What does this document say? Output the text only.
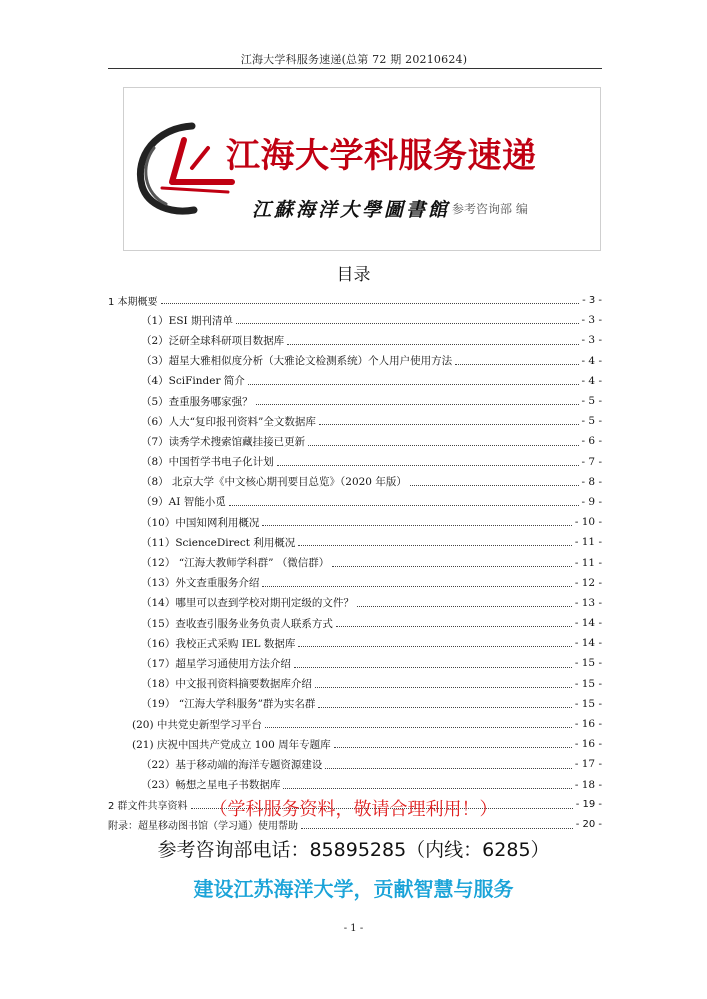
江海大学科服务速递(总第 72 期 20210624)
江海大学科服务速递
江蘇海洋大學圖書館 参考咨询部 编
目录
1 本期概要	- 3 -
（1）ESI 期刊清单	- 3 -
（2）泛研全球科研项目数据库	- 3 -
（3）超星大雅相似度分析（大雅论文检测系统）个人用户使用方法	- 4 -
（4）SciFinder 简介	- 4 -
（5）查重服务哪家强？	- 5 -
（6）人大“复印报刊资料”全文数据库	- 5 -
（7）读秀学术搜索馆藏挂接已更新	- 6 -
（8）中国哲学书电子化计划	- 7 -
（8） 北京大学《中文核心期刊要目总览》（2020 年版）	- 8 -
（9）AI 智能小觅	- 9 -
（10）中国知网利用概况	- 10 -
（11）ScienceDirect 利用概况	- 11 -
（12） “江海大教师学科群” （微信群）	- 11 -
（13）外文查重服务介绍	- 12 -
（14）哪里可以查到学校对期刊定级的文件？	- 13 -
（15）查收查引服务业务负责人联系方式	- 14 -
（16）我校正式采购 IEL 数据库	- 14 -
（17）超星学习通使用方法介绍	- 15 -
（18）中文报刊资料摘要数据库介绍	- 15 -
（19） “江海大学科服务”群为实名群	- 15 -
(20) 中共党史新型学习平台	- 16 -
(21) 庆祝中国共产党成立 100 周年专题库	- 16 -
（22）基于移动端的海洋专题资源建设	- 17 -
（23）畅想之星电子书数据库	- 18 -
2 群文件共享资料	- 19 -
附录：超星移动图书馆（学习通）使用帮助	- 20 -
（学科服务资料，敬请合理利用！）
参考咨询部电话：85895285（内线：6285）
建设江苏海洋大学，贡献智慧与服务
- 1 -
